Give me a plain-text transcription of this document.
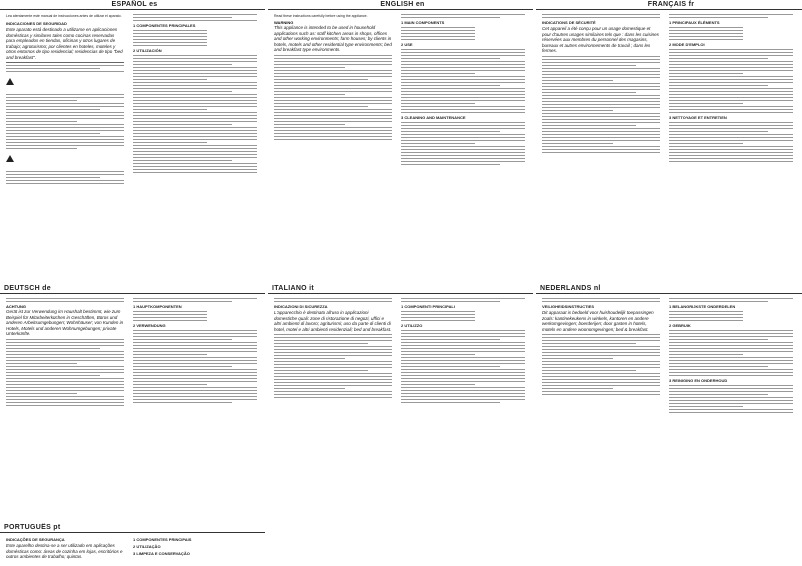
ESPAÑOL es
Lea atentamente este manual de instrucciones antes de utilizar el aparato.
INDICACIONES DE SEGURIDAD
Este aparato está destinado a utilizarse en aplicaciones domésticas y similares tales como cocinas reservadas para empleados en tiendas, oficinas y otros lugares de trabajo; agroturismo; por clientes en hoteles, moteles y otros entornos de tipo residencial; residencias de tipo "bed and breakfast".
1 COMPONENTES PRINCIPALES
2 UTILIZACIÓN
ENGLISH en
Read these instructions carefully before using the appliance.
WARNING
This appliance is intended to be used in household applications such as: staff kitchen areas in shops, offices and other working environments; farm houses; by clients in hotels, motels and other residential type environments; bed and breakfast type environments.
1 MAIN COMPONENTS
2 USE
3 CLEANING AND MAINTENANCE
FRANÇAIS fr
INDICATIONS DE SÉCURITÉ
Cet appareil a été conçu pour un usage domestique et pour d'autres usages similaires tels que : dans les cuisines réservées aux membres du personnel des magasins, bureaux et autres environnements de travail ; dans les fermes.
1 PRINCIPAUX ÉLÉMENTS
2 MODE D'EMPLOI
3 NETTOYAGE ET ENTRETIEN
DEUTSCH de
ACHTUNG
Gerät ist zur Verwendung im Haushalt bestimmt, wie zum Beispiel für Mitarbeiterküchen in Geschäften, Büros und anderen Arbeitsumgebungen; Wohnhäuser; von Kunden in Hotels, Motels und anderen Wohnumgebungen; private Unterkünfte.
1 HAUPTKOMPONENTEN
2 VERWENDUNG
PORTUGUÊS pt
INDICAÇÕES DE SEGURANÇA
Este aparelho destina-se a ser utilizado em aplicações domésticas como: áreas de cozinha em lojas, escritórios e outros ambientes de trabalho; quintas.
1 COMPONENTES PRINCIPAIS
2 UTILIZAÇÃO
3 LIMPEZA E CONSERVAÇÃO
ITALIANO it
INDICAZIONI DI SICUREZZA
L'apparecchio è destinato all'uso in applicazioni domestiche quali: zone di ristorazione di negozi, uffici e altri ambienti di lavoro; agriturismi; uso da parte di clienti di hotel, motel e altri ambienti residenziali; bed and breakfast.
1 COMPONENTI PRINCIPALI
2 UTILIZZO
NEDERLANDS nl
VEILIGHEIDSINSTRUCTIES
Dit apparaat is bedoeld voor huishoudelijk toepassingen zoals: kantinekeukens in winkels, kantoren en andere werkomgevingen; boerderijen; door gasten in hotels, motels en andere woonomgevingen; bed & breakfast.
1 BELANGRIJKSTE ONDERDELEN
2 GEBRUIK
3 REINIGING EN ONDERHOUD
